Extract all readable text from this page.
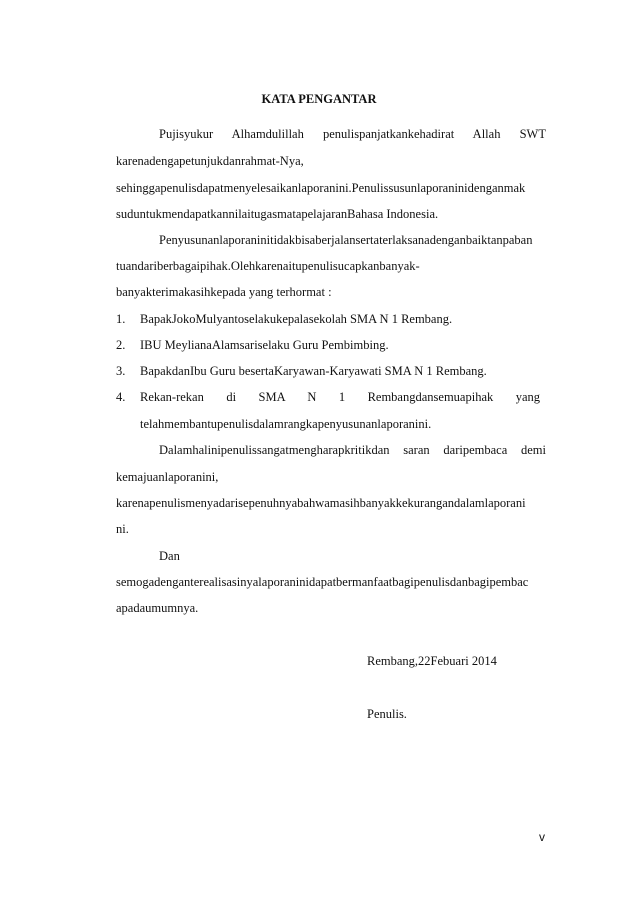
KATA PENGANTAR
Pujisyukur Alhamdulillah penulispanjatkankehadirat Allah SWT
karenadengapetunjukdanrahmat-Nya,
sehinggapenulisdapatmenyelesaikanlaporanini.Penulissusunlaporaninidenganmak
suduntukmendapatkannilaitugasmatapelajaranBahasa Indonesia.
Penyusunanlaporaninitidakbisaberjalansertaterlaksanadenganbaiktanpaban
tuandariberbagaipihak.Olehkarenaitupenulisucapkanbanyak-
banyakterimakasihkepada yang terhormat :
1. BapakJokoMulyantoselakukepalasekolah SMA N 1 Rembang.
2. IBU MeylianaAlamsariselaku Guru Pembimbing.
3. BapakdanIbu Guru besertaKaryawan-Karyawati SMA N 1 Rembang.
4. Rekan-rekan di SMA N 1 Rembangdansemuapihak yang
telahmembantupenulisdalamrangkapenyusunanlaporanini.
Dalamhalinipenulissangatmengharapkritikdan saran daripembaca demi
kemajuanlaporanini,
karenapenulismenyadarisepenuhnyabahwamasihbanyakkekurangandalamlaporani
ni.
Dan
semogadenganterealisasinyalaporaninidapatbermanfaatbagipenulisdanbagipembac
apadaumumnya.
Rembang,22Febuari 2014
Penulis.
v
